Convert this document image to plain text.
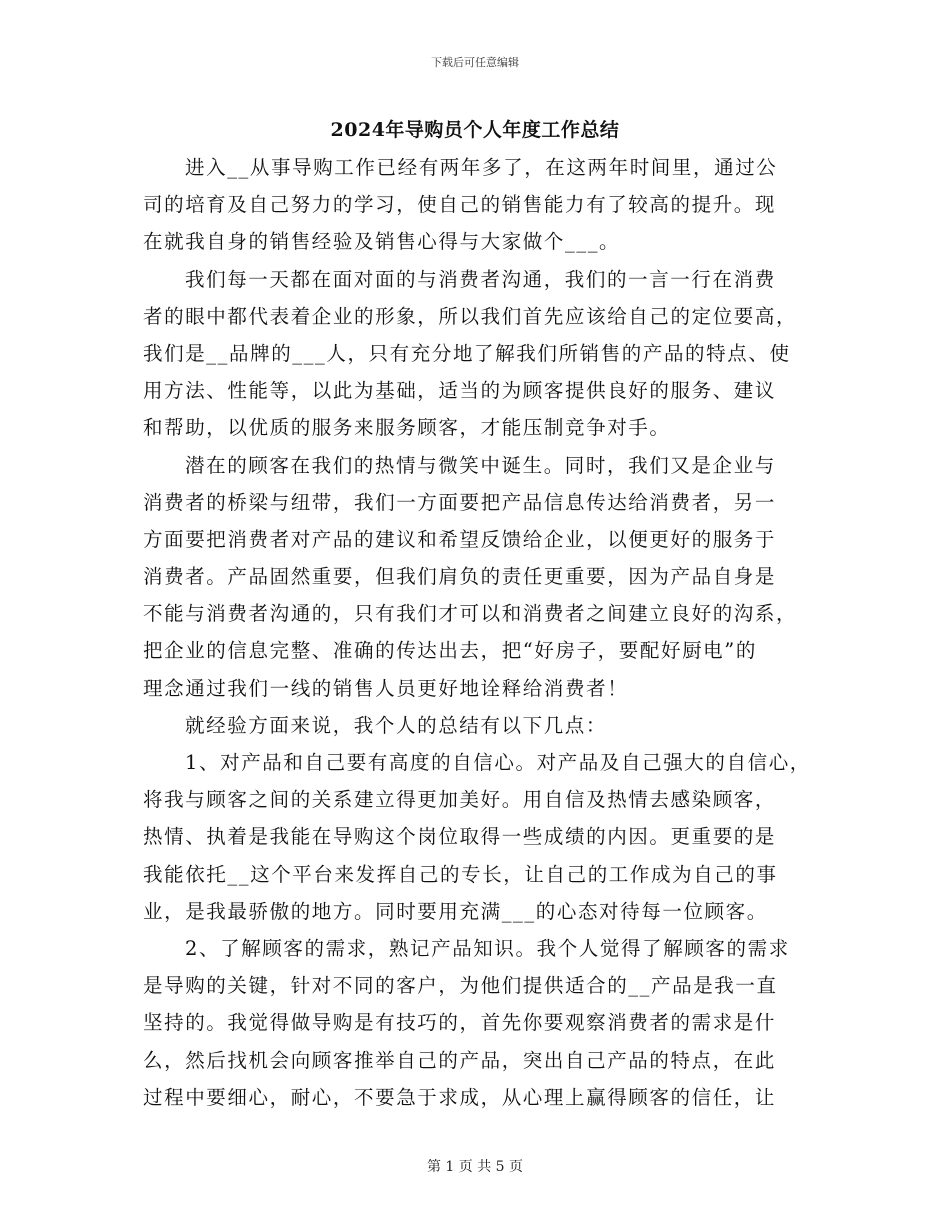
下载后可任意编辑
2024年导购员个人年度工作总结
进入__从事导购工作已经有两年多了，在这两年时间里，通过公
司的培育及自己努力的学习，使自己的销售能力有了较高的提升。现
在就我自身的销售经验及销售心得与大家做个___。
我们每一天都在面对面的与消费者沟通，我们的一言一行在消费
者的眼中都代表着企业的形象，所以我们首先应该给自己的定位要高，
我们是__品牌的___人，只有充分地了解我们所销售的产品的特点、使
用方法、性能等，以此为基础，适当的为顾客提供良好的服务、建议
和帮助，以优质的服务来服务顾客，才能压制竞争对手。
潜在的顾客在我们的热情与微笑中诞生。同时，我们又是企业与
消费者的桥梁与纽带，我们一方面要把产品信息传达给消费者，另一
方面要把消费者对产品的建议和希望反馈给企业，以便更好的服务于
消费者。产品固然重要，但我们肩负的责任更重要，因为产品自身是
不能与消费者沟通的，只有我们才可以和消费者之间建立良好的沟系，
把企业的信息完整、准确的传达出去，把“好房子，要配好厨电”的
理念通过我们一线的销售人员更好地诠释给消费者！
就经验方面来说，我个人的总结有以下几点：
1、对产品和自己要有高度的自信心。对产品及自己强大的自信心，
将我与顾客之间的关系建立得更加美好。用自信及热情去感染顾客，
热情、执着是我能在导购这个岗位取得一些成绩的内因。更重要的是
我能依托__这个平台来发挥自己的专长，让自己的工作成为自己的事
业，是我最骄傲的地方。同时要用充满___的心态对待每一位顾客。
2、了解顾客的需求，熟记产品知识。我个人觉得了解顾客的需求
是导购的关键，针对不同的客户，为他们提供适合的__产品是我一直
坚持的。我觉得做导购是有技巧的，首先你要观察消费者的需求是什
么，然后找机会向顾客推举自己的产品，突出自己产品的特点，在此
过程中要细心，耐心，不要急于求成，从心理上赢得顾客的信任，让
第 1 页 共 5 页
